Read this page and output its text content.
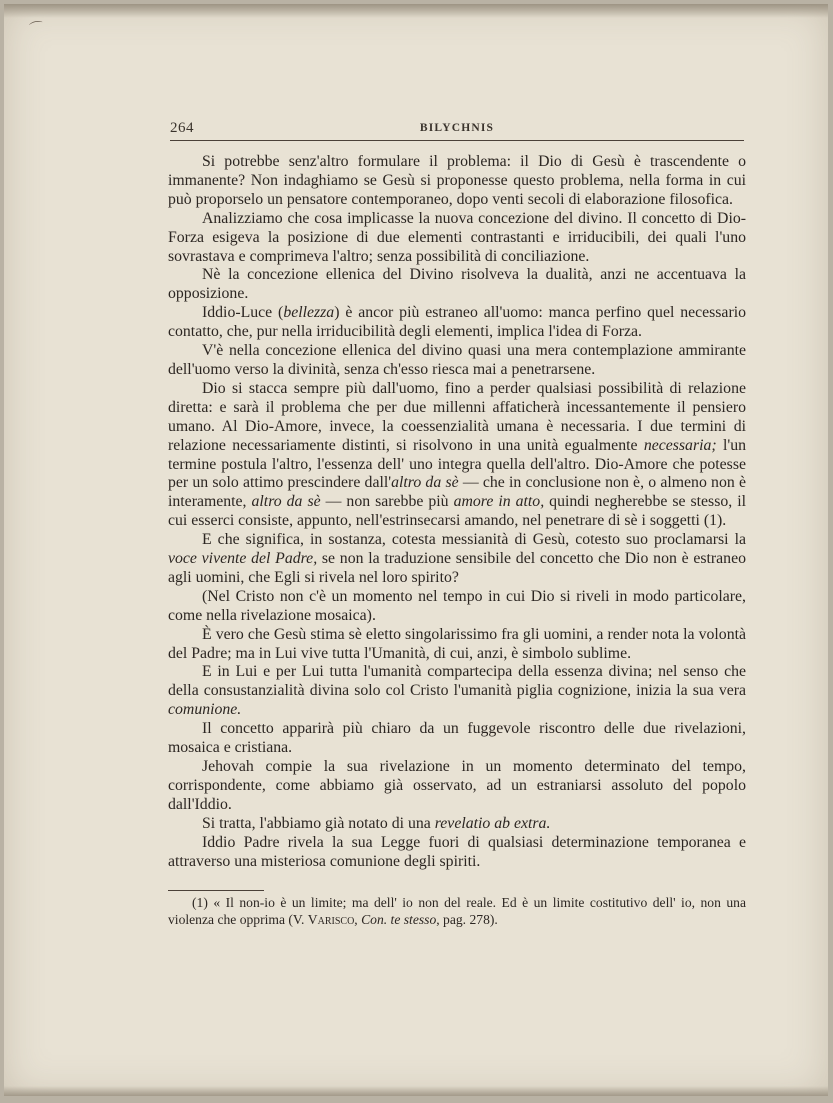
⌒
264	BILYCHNIS

Si potrebbe senz'altro formulare il problema: il Dio di Gesù è trascendente o immanente? Non indaghiamo se Gesù si proponesse questo problema, nella forma in cui può proporselo un pensatore contemporaneo, dopo venti secoli di elaborazione filosofica.

Analizziamo che cosa implicasse la nuova concezione del divino. Il concetto di Dio-Forza esigeva la posizione di due elementi contrastanti e irriducibili, dei quali l'uno sovrastava e comprimeva l'altro; senza possibilità di conciliazione.

Nè la concezione ellenica del Divino risolveva la dualità, anzi ne accentuava la opposizione.

Iddio-Luce (bellezza) è ancor più estraneo all'uomo: manca perfino quel necessario contatto, che, pur nella irriducibilità degli elementi, implica l'idea di Forza.

V'è nella concezione ellenica del divino quasi una mera contemplazione ammirante dell'uomo verso la divinità, senza ch'esso riesca mai a penetrarsene.

Dio si stacca sempre più dall'uomo, fino a perder qualsiasi possibilità di relazione diretta: e sarà il problema che per due millenni affaticherà incessantemente il pensiero umano. Al Dio-Amore, invece, la coessenzialità umana è necessaria. I due termini di relazione necessariamente distinti, si risolvono in una unità egualmente necessaria; l'un termine postula l'altro, l'essenza dell' uno integra quella dell'altro. Dio-Amore che potesse per un solo attimo prescindere dall'altro da sè — che in conclusione non è, o almeno non è interamente, altro da sè — non sarebbe più amore in atto, quindi negherebbe se stesso, il cui esserci consiste, appunto, nell'estrinsecarsi amando, nel penetrare di sè i soggetti (1).

E che significa, in sostanza, cotesta messianità di Gesù, cotesto suo proclamarsi la voce vivente del Padre, se non la traduzione sensibile del concetto che Dio non è estraneo agli uomini, che Egli si rivela nel loro spirito?

(Nel Cristo non c'è un momento nel tempo in cui Dio si riveli in modo particolare, come nella rivelazione mosaica).

È vero che Gesù stima sè eletto singolarissimo fra gli uomini, a render nota la volontà del Padre; ma in Lui vive tutta l'Umanità, di cui, anzi, è simbolo sublime.

E in Lui e per Lui tutta l'umanità compartecipa della essenza divina; nel senso che della consustanzialità divina solo col Cristo l'umanità piglia cognizione, inizia la sua vera comunione.

Il concetto apparirà più chiaro da un fuggevole riscontro delle due rivelazioni, mosaica e cristiana.

Jehovah compie la sua rivelazione in un momento determinato del tempo, corrispondente, come abbiamo già osservato, ad un estraniarsi assoluto del popolo dall'Iddio.

Si tratta, l'abbiamo già notato di una revelatio ab extra.

Iddio Padre rivela la sua Legge fuori di qualsiasi determinazione temporanea e attraverso una misteriosa comunione degli spiriti.

(1) « Il non-io è un limite; ma dell' io non del reale. Ed è un limite costitutivo dell' io, non una violenza che opprima (V. Varisco, Con. te stesso, pag. 278).
